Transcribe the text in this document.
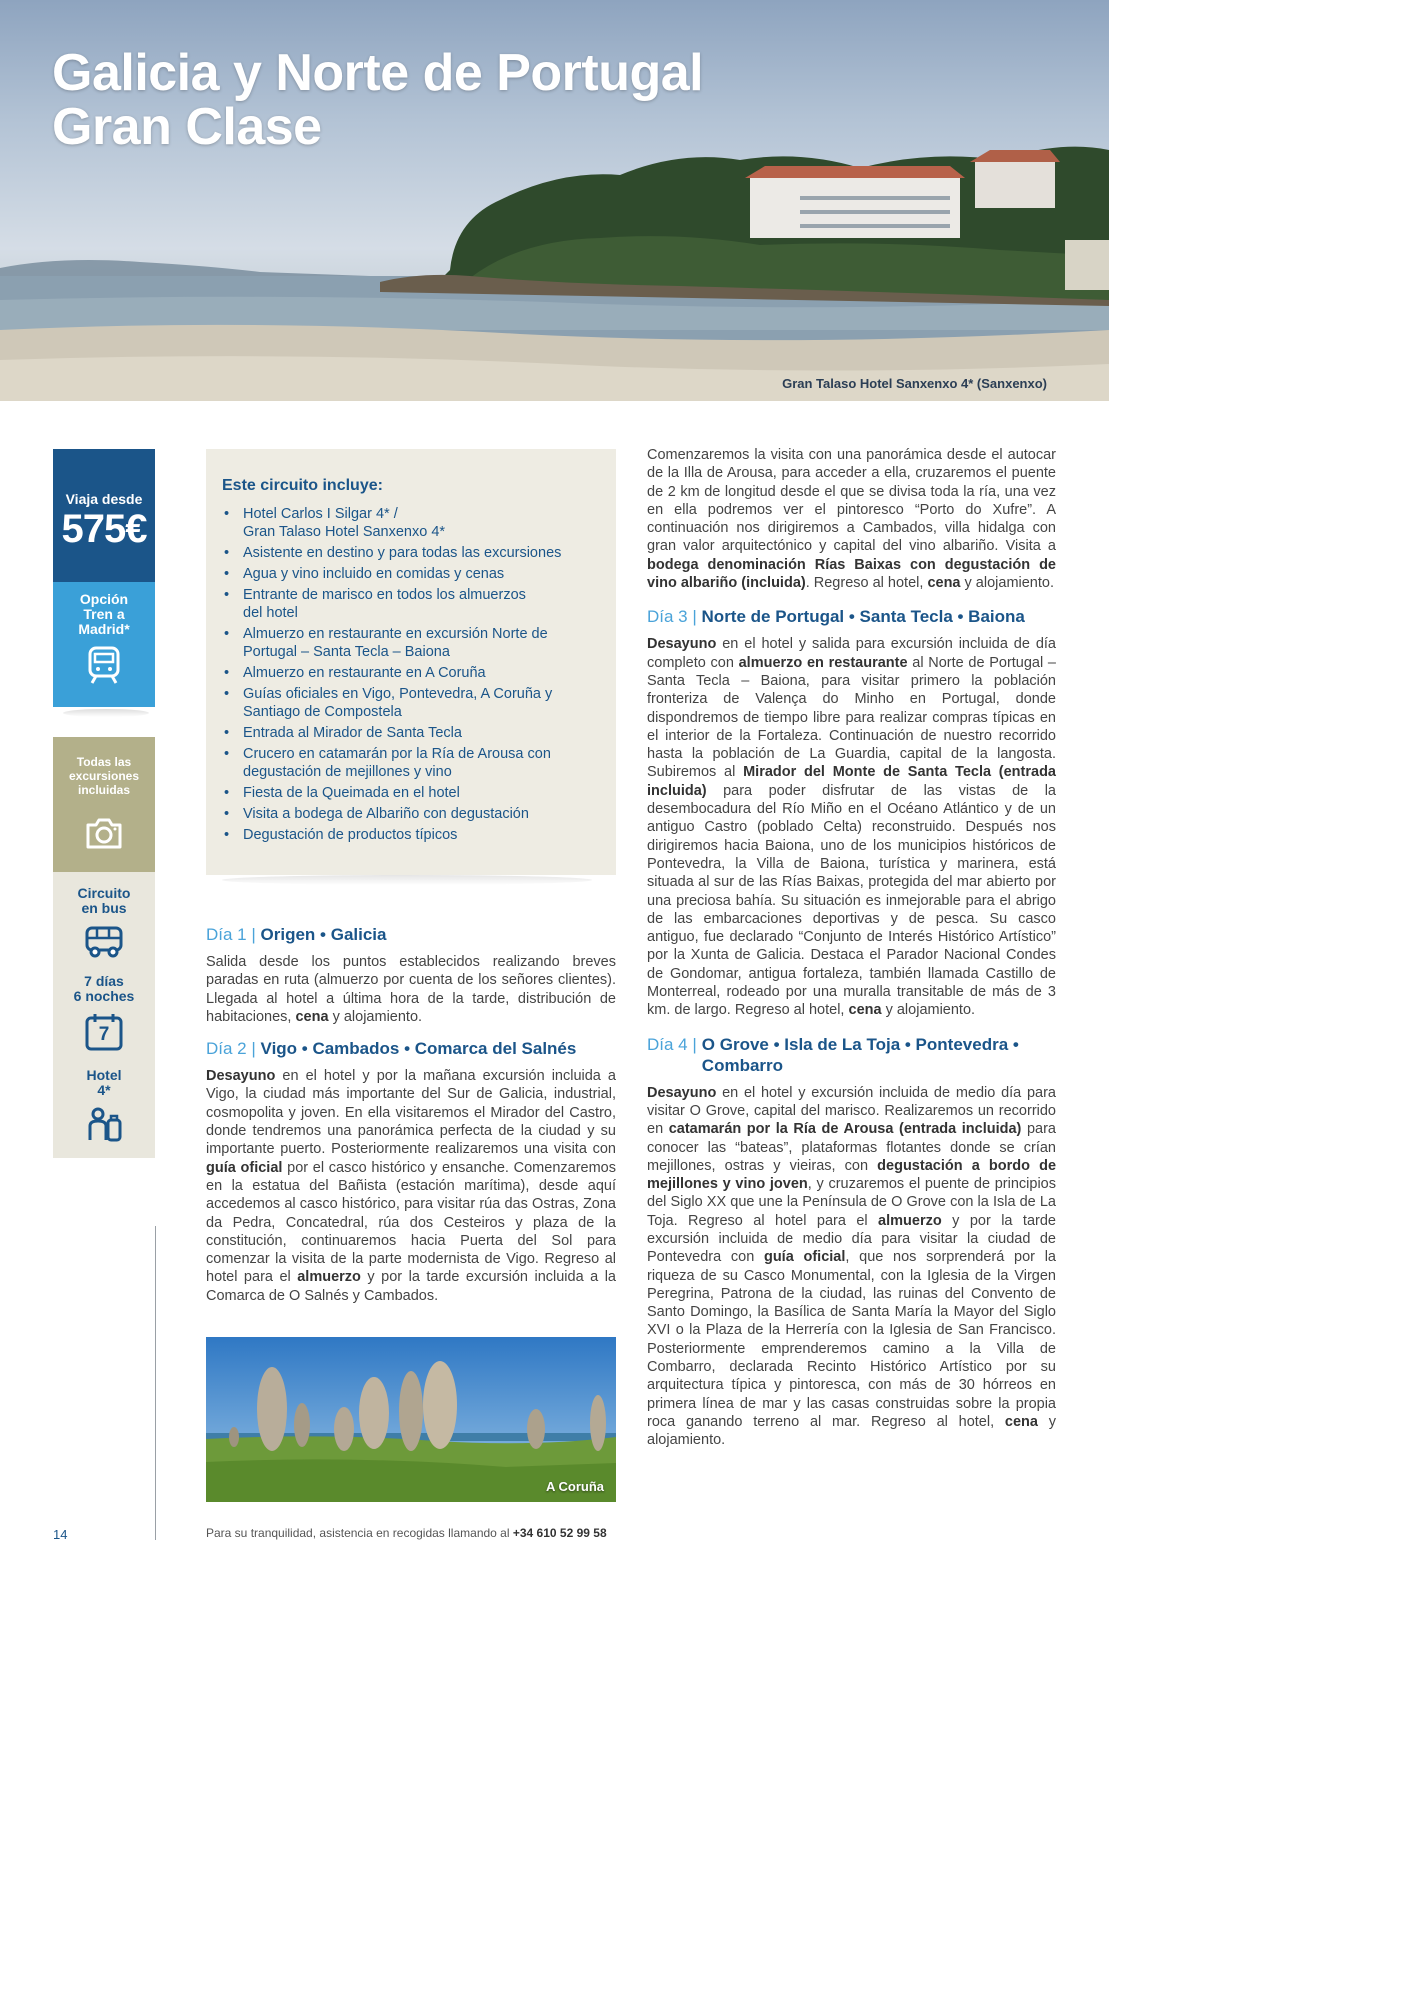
Galicia y Norte de Portugal
Gran Clase
Gran Talaso Hotel Sanxenxo 4* (Sanxenxo)
Viaja desde
575€
Opción
Tren a
Madrid*
Todas las
excursiones
incluidas
Circuito
en bus
7 días
6 noches
7
Hotel
4*
14
Este circuito incluye:
• Hotel Carlos I Silgar 4* /
Gran Talaso Hotel Sanxenxo 4*
• Asistente en destino y para todas las excursiones
• Agua y vino incluido en comidas y cenas
• Entrante de marisco en todos los almuerzos
del hotel
• Almuerzo en restaurante en excursión Norte de
Portugal – Santa Tecla – Baiona
• Almuerzo en restaurante en A Coruña
• Guías oficiales en Vigo, Pontevedra, A Coruña y
Santiago de Compostela
• Entrada al Mirador de Santa Tecla
• Crucero en catamarán por la Ría de Arousa con
degustación de mejillones y vino
• Fiesta de la Queimada en el hotel
• Visita a bodega de Albariño con degustación
• Degustación de productos típicos
Día 1 | Origen • Galicia

Salida desde los puntos establecidos realizando breves paradas en ruta (almuerzo por cuenta de los señores clientes). Llegada al hotel a última hora de la tarde, distribución de habitaciones, cena y alojamiento.

Día 2 | Vigo • Cambados • Comarca del Salnés

Desayuno en el hotel y por la mañana excursión incluida a Vigo, la ciudad más importante del Sur de Galicia, industrial, cosmopolita y joven. En ella visitaremos el Mirador del Castro, donde tendremos una panorámica perfecta de la ciudad y su importante puerto. Posteriormente realizaremos una visita con guía oficial por el casco histórico y ensanche. Comenzaremos en la estatua del Bañista (estación marítima), desde aquí accedemos al casco histórico, para visitar rúa das Ostras, Zona da Pedra, Concatedral, rúa dos Cesteiros y plaza de la constitución, continuaremos hacia Puerta del Sol para comenzar la visita de la parte modernista de Vigo. Regreso al hotel para el almuerzo y por la tarde excursión incluida a la Comarca de O Salnés y Cambados.

A Coruña
Para su tranquilidad, asistencia en recogidas llamando al +34 610 52 99 58

Comenzaremos la visita con una panorámica desde el autocar de la Illa de Arousa, para acceder a ella, cruzaremos el puente de 2 km de longitud desde el que se divisa toda la ría, una vez en ella podremos ver el pintoresco “Porto do Xufre”. A continuación nos dirigiremos a Cambados, villa hidalga con gran valor arquitectónico y capital del vino albariño. Visita a bodega denominación Rías Baixas con degustación de vino albariño (incluida). Regreso al hotel, cena y alojamiento.

Día 3 | Norte de Portugal • Santa Tecla • Baiona

Desayuno en el hotel y salida para excursión incluida de día completo con almuerzo en restaurante al Norte de Portugal – Santa Tecla – Baiona, para visitar primero la población fronteriza de Valença do Minho en Portugal, donde dispondremos de tiempo libre para realizar compras típicas en el interior de la Fortaleza. Continuación de nuestro recorrido hasta la población de La Guardia, capital de la langosta. Subiremos al Mirador del Monte de Santa Tecla (entrada incluida) para poder disfrutar de las vistas de la desembocadura del Río Miño en el Océano Atlántico y de un antiguo Castro (poblado Celta) reconstruido. Después nos dirigiremos hacia Baiona, uno de los municipios históricos de Pontevedra, la Villa de Baiona, turística y marinera, está situada al sur de las Rías Baixas, protegida del mar abierto por una preciosa bahía. Su situación es inmejorable para el abrigo de las embarcaciones deportivas y de pesca. Su casco antiguo, fue declarado “Conjunto de Interés Histórico Artístico” por la Xunta de Galicia. Destaca el Parador Nacional Condes de Gondomar, antigua fortaleza, también llamada Castillo de Monterreal, rodeado por una muralla transitable de más de 3 km. de largo. Regreso al hotel, cena y alojamiento.

Día 4 | O Grove • Isla de La Toja • Pontevedra •
Combarro

Desayuno en el hotel y excursión incluida de medio día para visitar O Grove, capital del marisco. Realizaremos un recorrido en catamarán por la Ría de Arousa (entrada incluida) para conocer las “bateas”, plataformas flotantes donde se crían mejillones, ostras y vieiras, con degustación a bordo de mejillones y vino joven, y cruzaremos el puente de principios del Siglo XX que une la Península de O Grove con la Isla de La Toja. Regreso al hotel para el almuerzo y por la tarde excursión incluida de medio día para visitar la ciudad de Pontevedra con guía oficial, que nos sorprenderá por la riqueza de su Casco Monumental, con la Iglesia de la Virgen Peregrina, Patrona de la ciudad, las ruinas del Convento de Santo Domingo, la Basílica de Santa María la Mayor del Siglo XVI o la Plaza de la Herrería con la Iglesia de San Francisco. Posteriormente emprenderemos camino a la Villa de Combarro, declarada Recinto Histórico Artístico por su arquitectura típica y pintoresca, con más de 30 hórreos en primera línea de mar y las casas construidas sobre la propia roca ganando terreno al mar. Regreso al hotel, cena y alojamiento.
